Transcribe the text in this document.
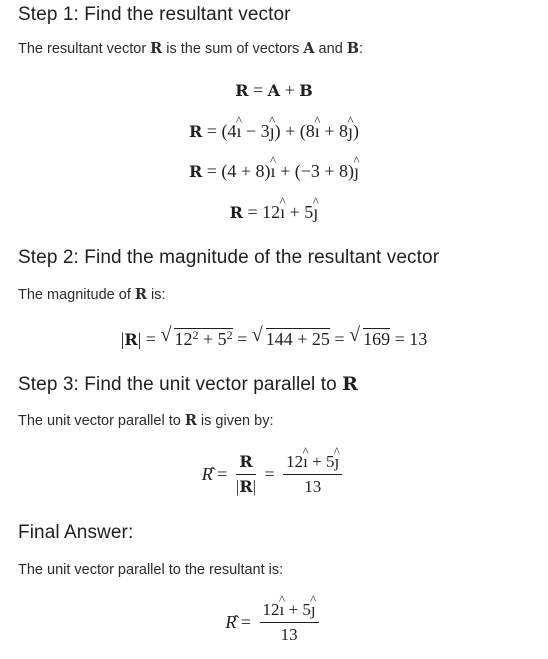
Step 1: Find the resultant vector
The resultant vector R is the sum of vectors A and B:
R = A + B
R = (4ı ^ − 3ȷ ^) + (8ı ^ + 8ȷ ^)
R = (4 + 8)ı ^ + (−3 + 8)ȷ ^
R = 12ı ^ + 5ȷ ^
Step 2: Find the magnitude of the resultant vector
The magnitude of R is:
|R| = √ $12^2 + 5^2$ = √ 144 + 25 = √ 169 = 13
Step 3: Find the unit vector parallel to R
The unit vector parallel to R is given by:
R̂ = $\frac{R}{|R|} = \frac{12ı \^{} + 5ȷ \^{}}{13}$
Final Answer:
The unit vector parallel to the resultant is:
R̂ = $\frac{12ı \^{} + 5ȷ \^{}}{13}$
